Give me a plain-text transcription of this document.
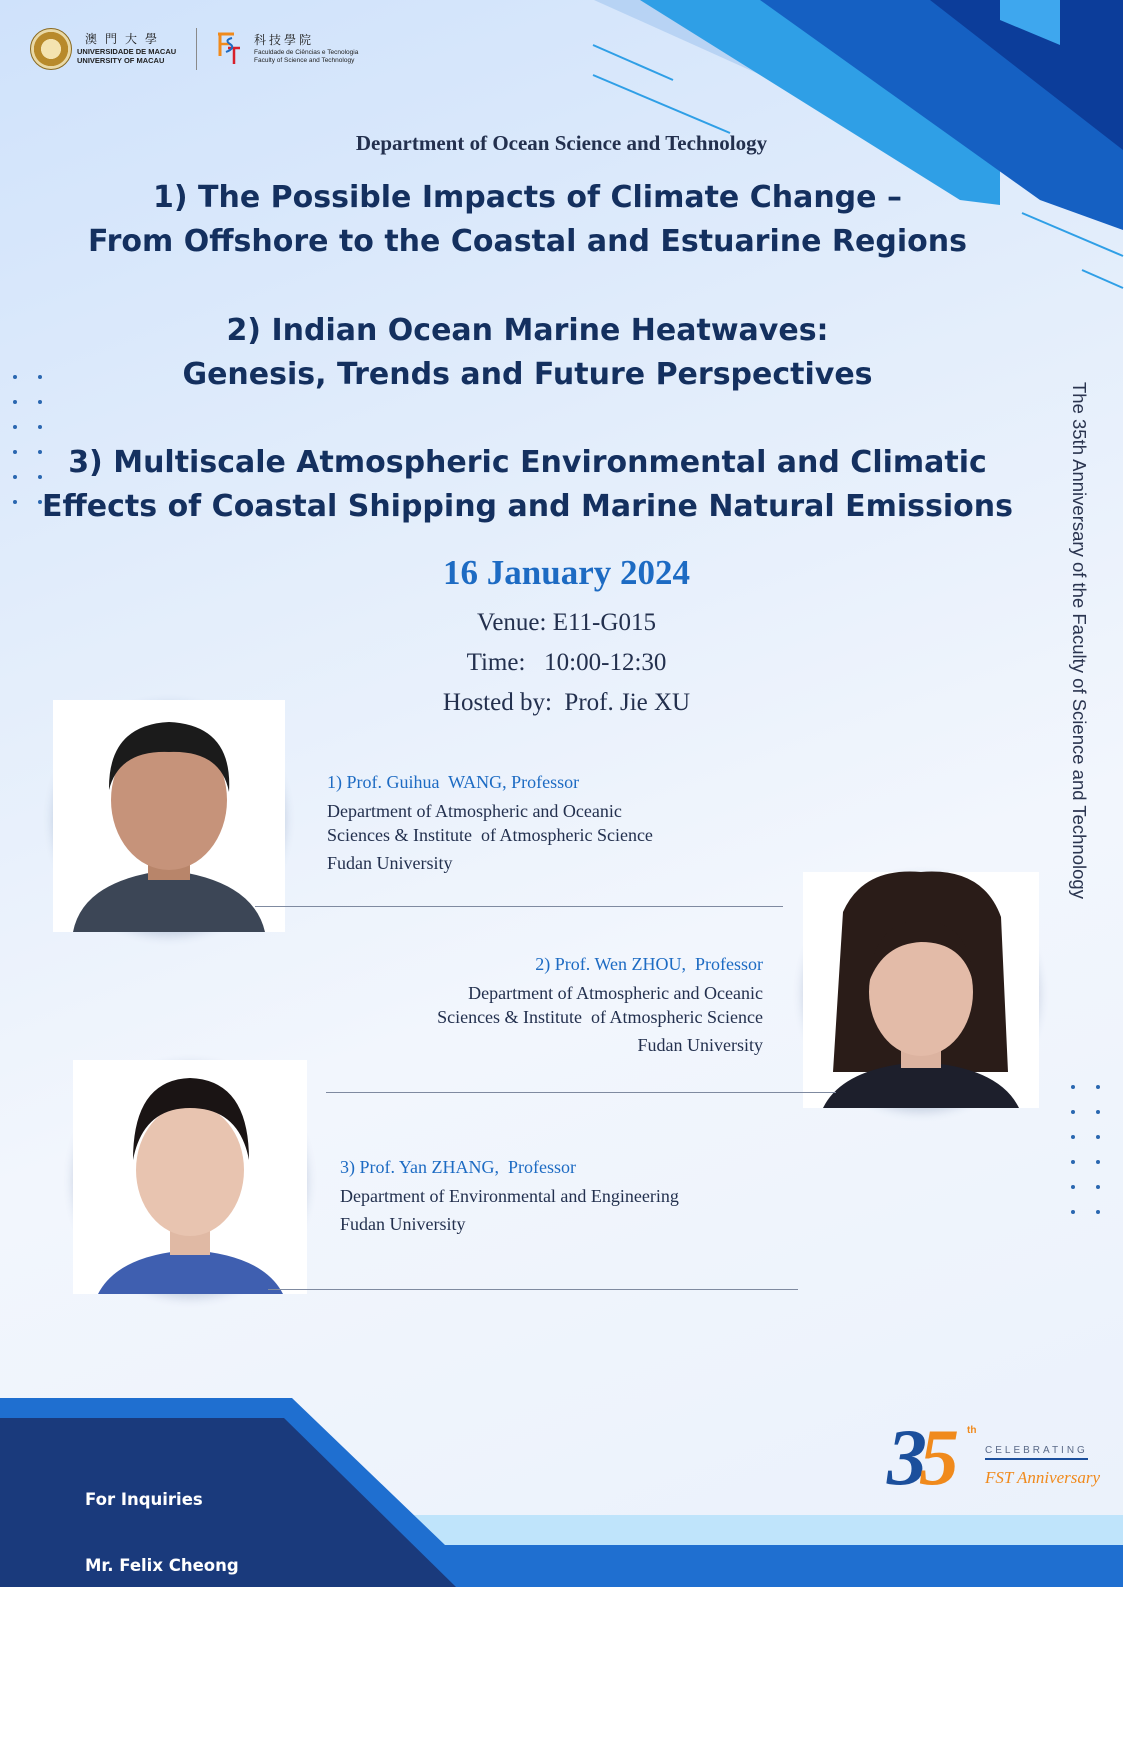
澳門大學
UNIVERSIDADE DE MACAU
UNIVERSITY OF MACAU
科技學院
Faculdade de Ciências e Tecnologia
Faculty of Science and Technology
Department of Ocean Science and Technology
1) The Possible Impacts of Climate Change –
From Offshore to the Coastal and Estuarine Regions
2) Indian Ocean Marine Heatwaves:
Genesis, Trends and Future Perspectives
3) Multiscale Atmospheric Environmental and Climatic
Effects of Coastal Shipping and Marine Natural Emissions
16 January 2024
Venue: E11-G015
Time:   10:00-12:30
Hosted by:  Prof. Jie XU
1) Prof. Guihua  WANG, Professor
Department of Atmospheric and Oceanic
Sciences & Institute  of Atmospheric Science
Fudan University
2) Prof. Wen ZHOU,  Professor
Department of Atmospheric and Oceanic
Sciences & Institute  of Atmospheric Science
Fudan University
3) Prof. Yan ZHANG,  Professor
Department of Environmental and Engineering
Fudan University
The 35th Anniversary of the Faculty of Science and Technology

For Inquiries

Mr. Felix Cheong

Phone no. 8822 8087

Email: felixcheong@um.edu.mo

35 th
CELEBRATING
FST Anniversary
